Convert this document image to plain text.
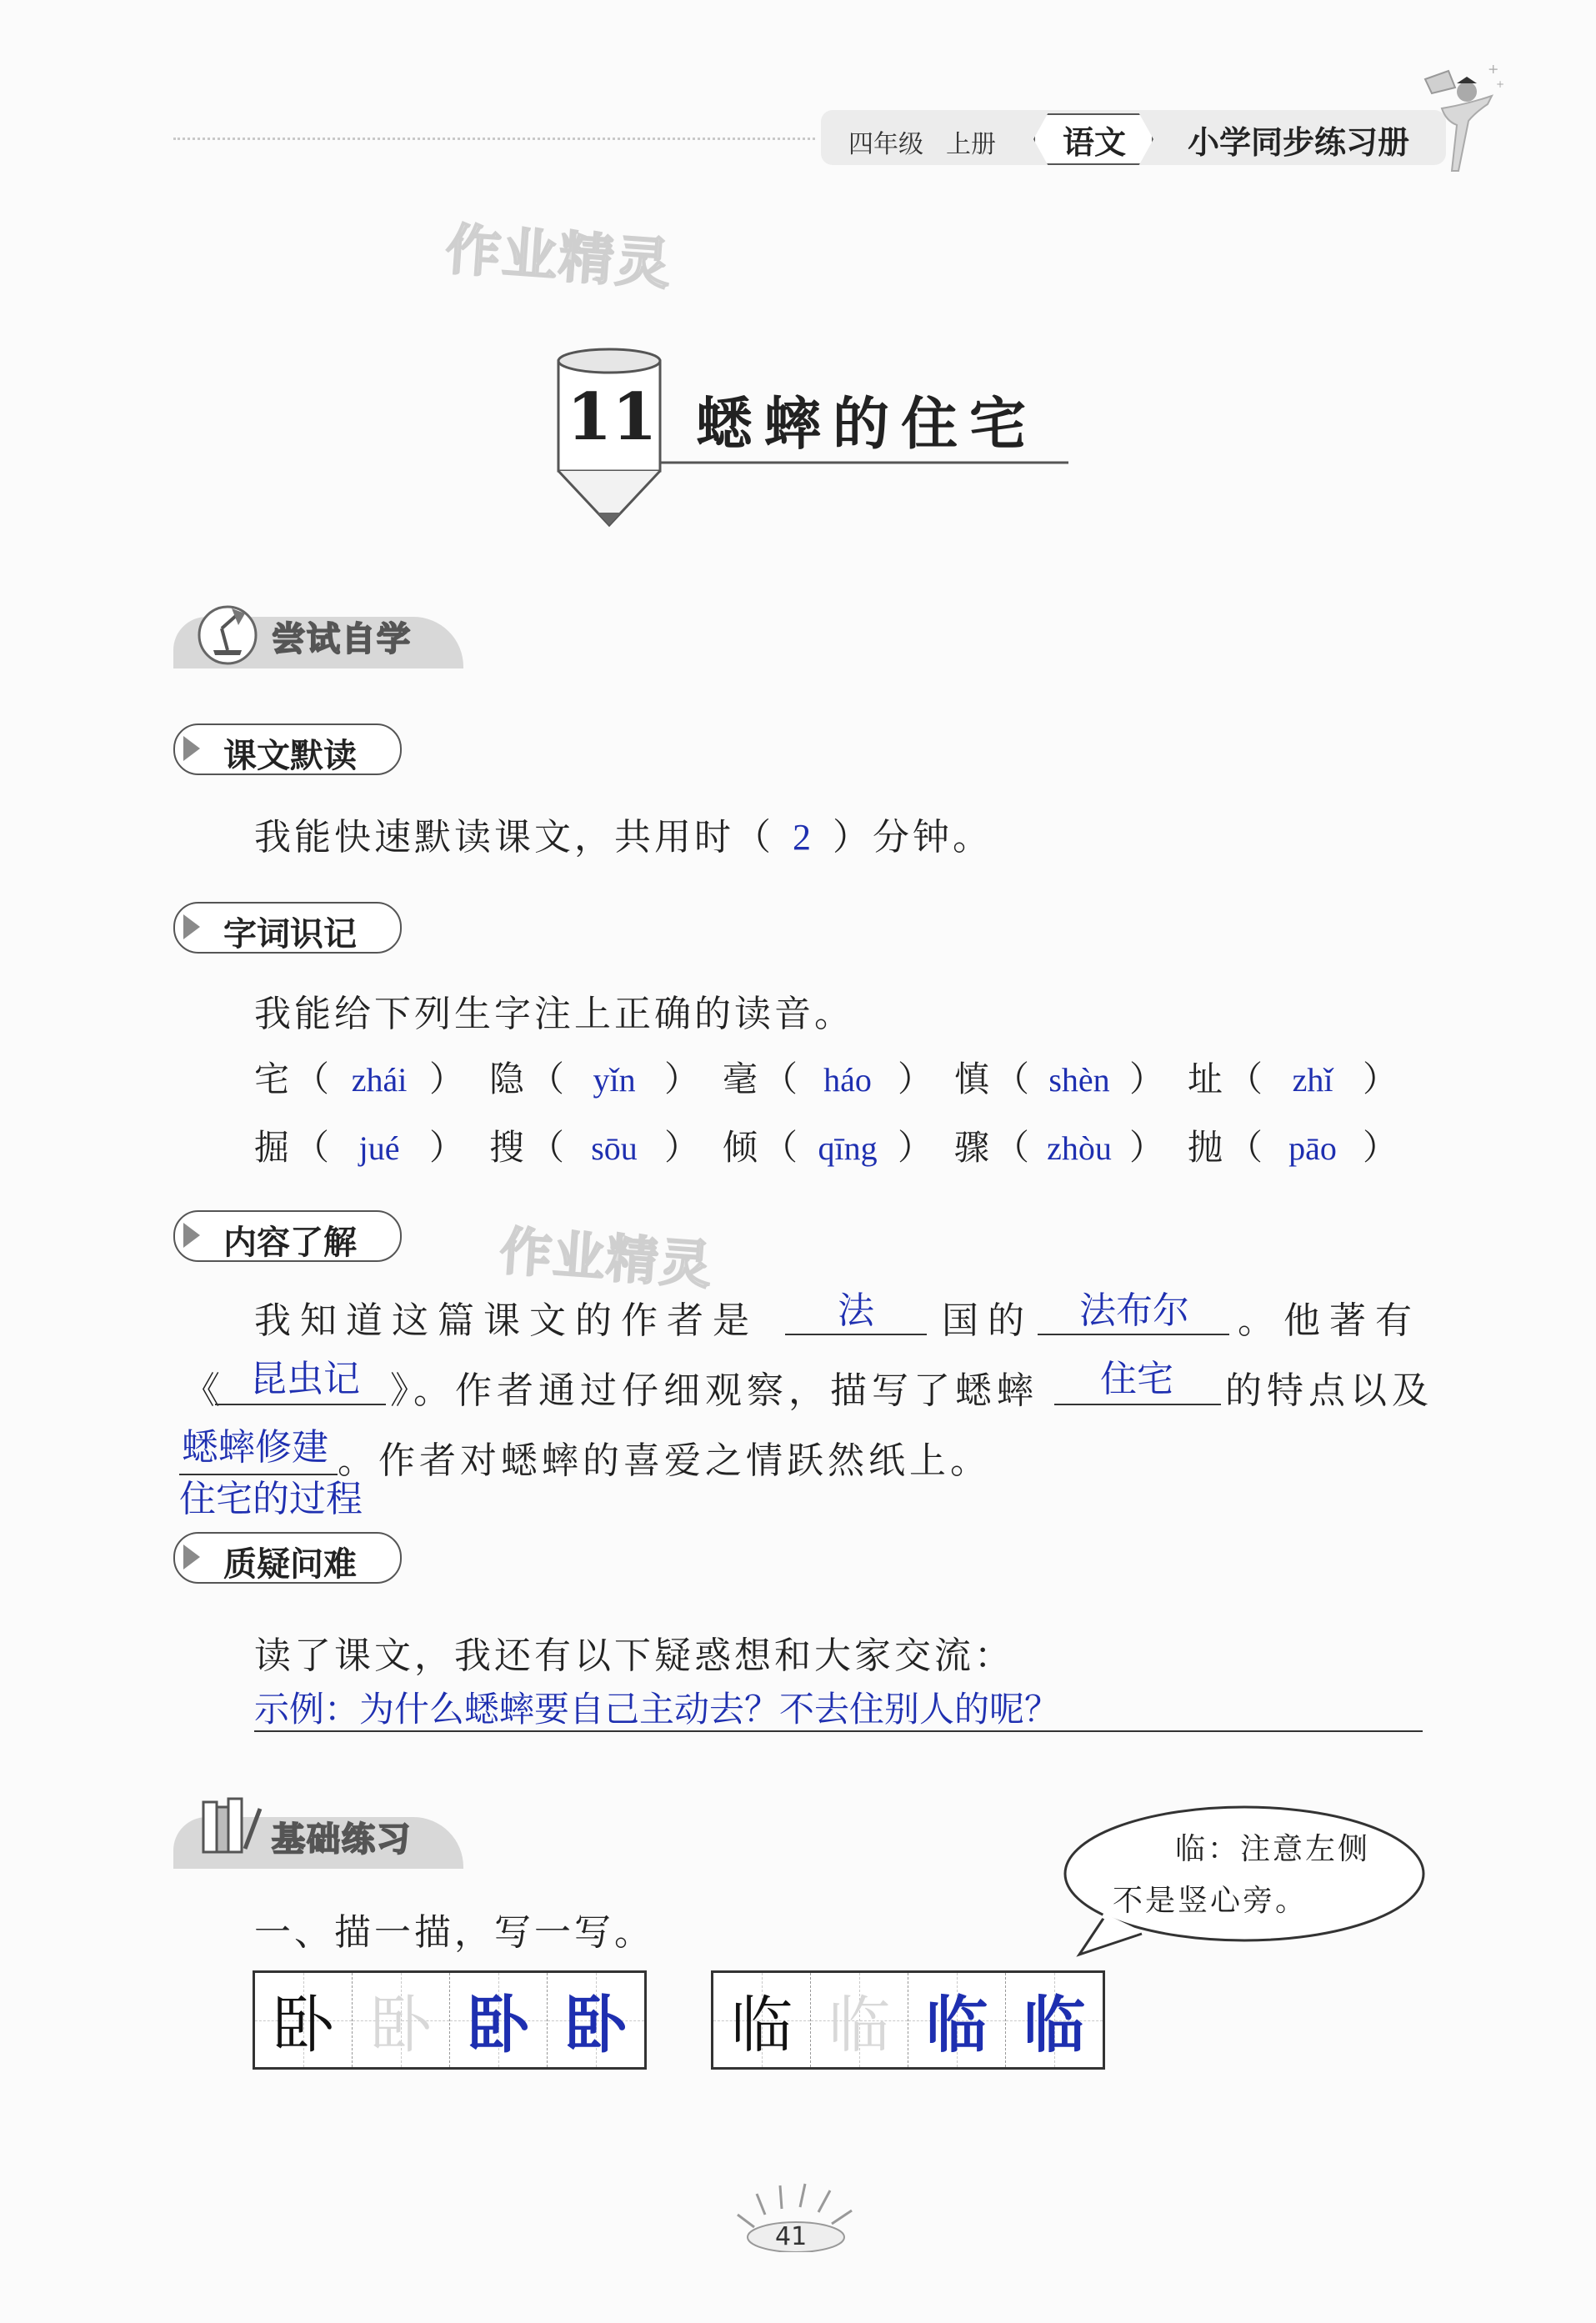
四年级 上册 语文 小学同步练习册
+
+
作业精灵
11 蟋蟀的住宅
尝试自学
课文默读
我能快速默读课文，共用时（ 2 ）分钟。
字词识记
我能给下列生字注上正确的读音。
宅 （ zhái ） 隐 （ yǐn ） 毫 （ háo ） 慎 （ shèn ） 址 （ zhǐ ）
掘 （ jué ） 搜 （ sōu ） 倾 （ qīng ） 骤 （ zhòu ） 抛 （ pāo ）
内容了解	作业精灵
我知道这篇课文的作者是 法 国的 法布尔 。他著有
《 昆虫记 》。作者通过仔细观察，描写了蟋蟀 住宅 的特点以及
蟋蟀修建
住宅的过程
。作者对蟋蟀的喜爱之情跃然纸上。
质疑问难
读了课文，我还有以下疑惑想和大家交流：
示例：为什么蟋蟀要自己主动去？不去住别人的呢？
基础练习	临：注意左侧
不是竖心旁。
一、描一描，写一写。
卧 卧 卧 卧 临 临 临 临
41
